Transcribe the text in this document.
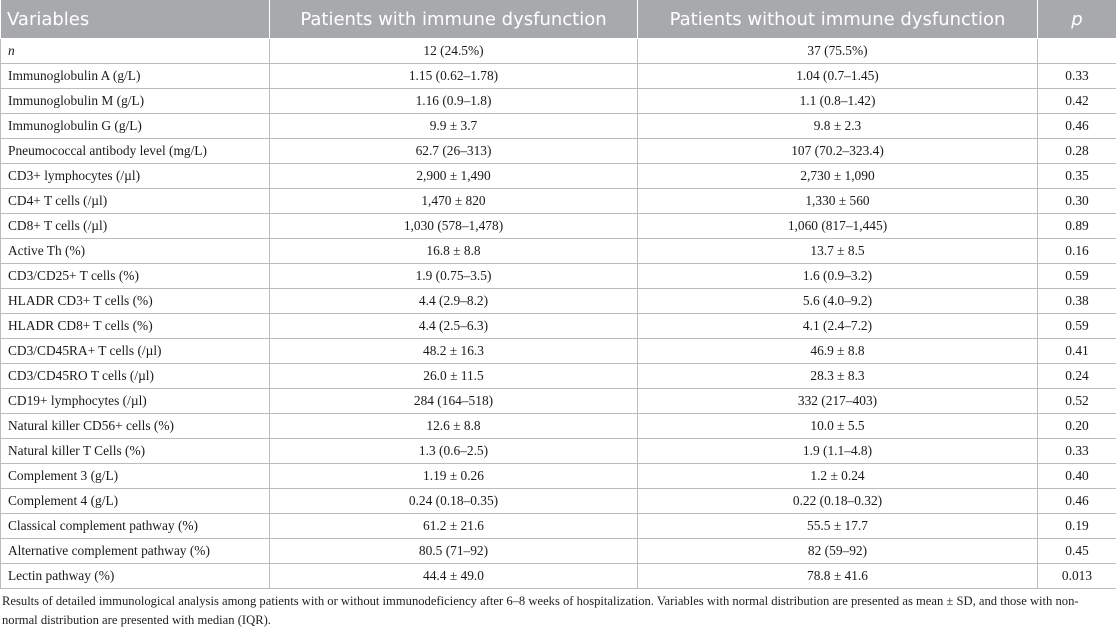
Variables	Patients with immune dysfunction	Patients without immune dysfunction	p
n	12 (24.5%)	37 (75.5%)	
Immunoglobulin A (g/L)	1.15 (0.62–1.78)	1.04 (0.7–1.45)	0.33
Immunoglobulin M (g/L)	1.16 (0.9–1.8)	1.1 (0.8–1.42)	0.42
Immunoglobulin G (g/L)	9.9 ± 3.7	9.8 ± 2.3	0.46
Pneumococcal antibody level (mg/L)	62.7 (26–313)	107 (70.2–323.4)	0.28
CD3+ lymphocytes (/µl)	2,900 ± 1,490	2,730 ± 1,090	0.35
CD4+ T cells (/µl)	1,470 ± 820	1,330 ± 560	0.30
CD8+ T cells (/µl)	1,030 (578–1,478)	1,060 (817–1,445)	0.89
Active Th (%)	16.8 ± 8.8	13.7 ± 8.5	0.16
CD3/CD25+ T cells (%)	1.9 (0.75–3.5)	1.6 (0.9–3.2)	0.59
HLADR CD3+ T cells (%)	4.4 (2.9–8.2)	5.6 (4.0–9.2)	0.38
HLADR CD8+ T cells (%)	4.4 (2.5–6.3)	4.1 (2.4–7.2)	0.59
CD3/CD45RA+ T cells (/µl)	48.2 ± 16.3	46.9 ± 8.8	0.41
CD3/CD45RO T cells (/µl)	26.0 ± 11.5	28.3 ± 8.3	0.24
CD19+ lymphocytes (/µl)	284 (164–518)	332 (217–403)	0.52
Natural killer CD56+ cells (%)	12.6 ± 8.8	10.0 ± 5.5	0.20
Natural killer T Cells (%)	1.3 (0.6–2.5)	1.9 (1.1–4.8)	0.33
Complement 3 (g/L)	1.19 ± 0.26	1.2 ± 0.24	0.40
Complement 4 (g/L)	0.24 (0.18–0.35)	0.22 (0.18–0.32)	0.46
Classical complement pathway (%)	61.2 ± 21.6	55.5 ± 17.7	0.19
Alternative complement pathway (%)	80.5 (71–92)	82 (59–92)	0.45
Lectin pathway (%)	44.4 ± 49.0	78.8 ± 41.6	0.013
Results of detailed immunological analysis among patients with or without immunodeficiency after 6–8 weeks of hospitalization. Variables with normal distribution are presented as mean ± SD, and those with non-normal distribution are presented with median (IQR).
